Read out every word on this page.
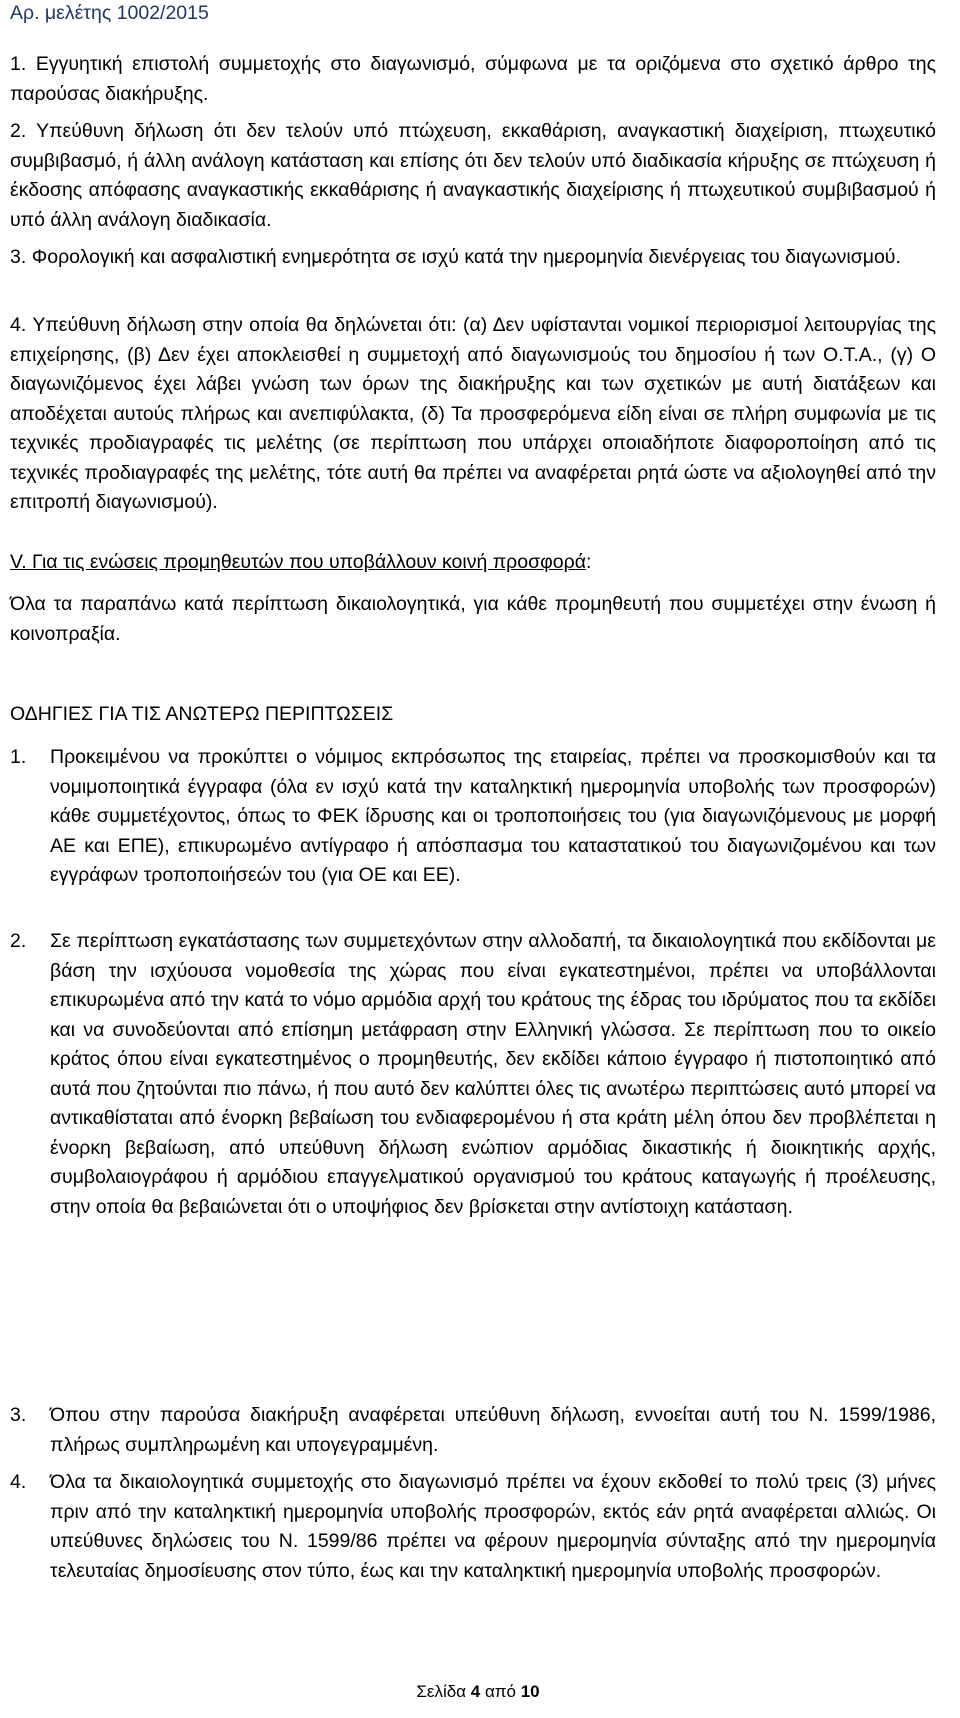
Αρ. μελέτης 1002/2015

1. Εγγυητική επιστολή συμμετοχής στο διαγωνισμό, σύμφωνα με τα οριζόμενα στο σχετικό άρθρο της παρούσας διακήρυξης.

2. Υπεύθυνη δήλωση ότι δεν τελούν υπό πτώχευση, εκκαθάριση, αναγκαστική διαχείριση, πτωχευτικό συμβιβασμό, ή άλλη ανάλογη κατάσταση και επίσης ότι δεν τελούν υπό διαδικασία κήρυξης σε πτώχευση ή έκδοσης απόφασης αναγκαστικής εκκαθάρισης ή αναγκαστικής διαχείρισης ή πτωχευτικού συμβιβασμού ή υπό άλλη ανάλογη διαδικασία.

3. Φορολογική και ασφαλιστική ενημερότητα σε ισχύ κατά την ημερομηνία διενέργειας του διαγωνισμού.

4. Υπεύθυνη δήλωση στην οποία θα δηλώνεται ότι: (α) Δεν υφίστανται νομικοί περιορισμοί λειτουργίας της επιχείρησης, (β) Δεν έχει αποκλεισθεί η συμμετοχή από διαγωνισμούς του δημοσίου ή των Ο.Τ.Α., (γ) Ο διαγωνιζόμενος έχει λάβει γνώση των όρων της διακήρυξης και των σχετικών με αυτή διατάξεων και αποδέχεται αυτούς πλήρως και ανεπιφύλακτα, (δ) Τα προσφερόμενα είδη είναι σε πλήρη συμφωνία με τις τεχνικές προδιαγραφές τις μελέτης (σε περίπτωση που υπάρχει οποιαδήποτε διαφοροποίηση από τις τεχνικές προδιαγραφές της μελέτης, τότε αυτή θα πρέπει να αναφέρεται ρητά ώστε να αξιολογηθεί από την επιτροπή διαγωνισμού).

V. Για τις ενώσεις προμηθευτών που υποβάλλουν κοινή προσφορά:

Όλα τα παραπάνω κατά περίπτωση δικαιολογητικά, για κάθε προμηθευτή που συμμετέχει στην ένωση ή κοινοπραξία.

ΟΔΗΓΙΕΣ ΓΙΑ ΤΙΣ ΑΝΩΤΕΡΩ ΠΕΡΙΠΤΩΣΕΙΣ

1.	Προκειμένου να προκύπτει ο νόμιμος εκπρόσωπος της εταιρείας, πρέπει να προσκομισθούν και τα νομιμοποιητικά έγγραφα (όλα εν ισχύ κατά την καταληκτική ημερομηνία υποβολής των προσφορών) κάθε συμμετέχοντος, όπως το ΦΕΚ ίδρυσης και οι τροποποιήσεις του (για διαγωνιζόμενους με μορφή ΑΕ και ΕΠΕ), επικυρωμένο αντίγραφο ή απόσπασμα του καταστατικού του διαγωνιζομένου και των εγγράφων τροποποιήσεών του (για ΟΕ και ΕΕ).

2.	Σε περίπτωση εγκατάστασης των συμμετεχόντων στην αλλοδαπή, τα δικαιολογητικά που εκδίδονται με βάση την ισχύουσα νομοθεσία της χώρας που είναι εγκατεστημένοι, πρέπει να υποβάλλονται επικυρωμένα από την κατά το νόμο αρμόδια αρχή του κράτους της έδρας του ιδρύματος που τα εκδίδει και να συνοδεύονται από επίσημη μετάφραση στην Ελληνική γλώσσα. Σε περίπτωση που το οικείο κράτος όπου είναι εγκατεστημένος ο προμηθευτής, δεν εκδίδει κάποιο έγγραφο ή πιστοποιητικό από αυτά που ζητούνται πιο πάνω, ή που αυτό δεν καλύπτει όλες τις ανωτέρω περιπτώσεις αυτό μπορεί να αντικαθίσταται από ένορκη βεβαίωση του ενδιαφερομένου ή στα κράτη μέλη όπου δεν προβλέπεται η ένορκη βεβαίωση, από υπεύθυνη δήλωση ενώπιον αρμόδιας δικαστικής ή διοικητικής αρχής, συμβολαιογράφου ή αρμόδιου επαγγελματικού οργανισμού του κράτους καταγωγής ή προέλευσης, στην οποία θα βεβαιώνεται ότι ο υποψήφιος δεν βρίσκεται στην αντίστοιχη κατάσταση.

3.	Όπου στην παρούσα διακήρυξη αναφέρεται υπεύθυνη δήλωση, εννοείται αυτή του Ν. 1599/1986, πλήρως συμπληρωμένη και υπογεγραμμένη.

4.	Όλα τα δικαιολογητικά συμμετοχής στο διαγωνισμό πρέπει να έχουν εκδοθεί το πολύ τρεις (3) μήνες πριν από την καταληκτική ημερομηνία υποβολής προσφορών, εκτός εάν ρητά αναφέρεται αλλιώς. Οι υπεύθυνες δηλώσεις του Ν. 1599/86 πρέπει να φέρουν ημερομηνία σύνταξης από την ημερομηνία τελευταίας δημοσίευσης στον τύπο, έως και την καταληκτική ημερομηνία υποβολής προσφορών.

Σελίδα 4 από 10
